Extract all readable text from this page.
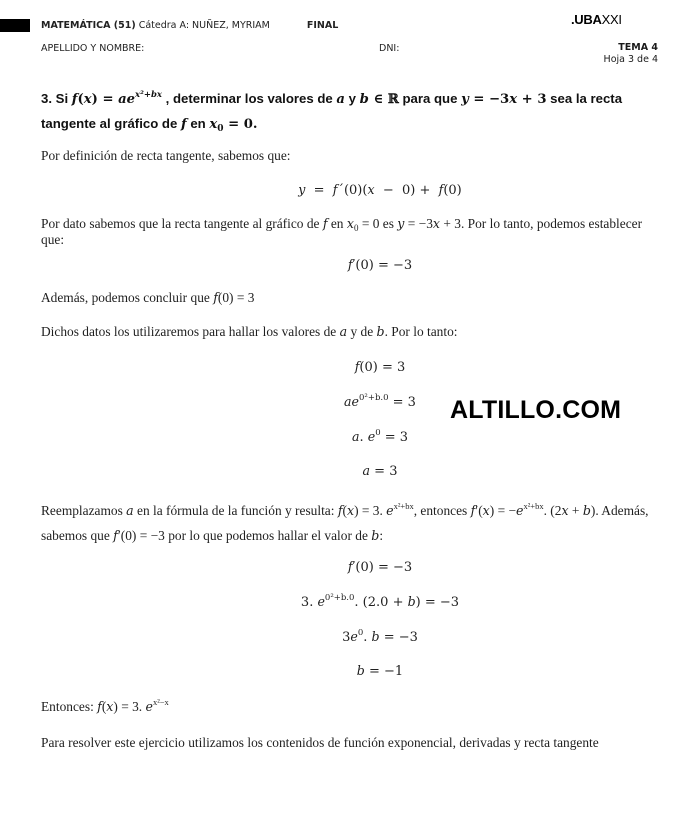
MATEMÁTICA (51) Cátedra A: NUÑEZ, MYRIAM	FINAL	.UBAXXI
APELLIDO Y NOMBRE:	DNI:	TEMA 4
Hoja 3 de 4
3. Si $f(x) = ae^{x^2+bx}$ , determinar los valores de a y b ∈ ℝ para que y = −3x + 3 sea la recta tangente al gráfico de f en $x_0 = 0$.
Por definición de recta tangente, sabemos que:
y  =  f´(0)(x  −  0) +  f(0)
Por dato sabemos que la recta tangente al gráfico de f en $x_0 = 0$ es y = −3x + 3. Por lo tanto, podemos establecer que:
f′(0) = −3
Además, podemos concluir que f(0) = 3
Dichos datos los utilizaremos para hallar los valores de a y de b. Por lo tanto:
f(0) = 3
$ae^{0^2+b.0} = 3$
a. $e^0 = 3$
a = 3
ALTILLO.COM
Reemplazamos a en la fórmula de la función y resulta: f(x) = 3. $e^{x^2+bx}$, entonces $f'(x) = -e^{x^2+bx}$. (2x + b). Además, sabemos que f′(0) = −3 por lo que podemos hallar el valor de b:
f′(0) = −3
3. $e^{0^2+b.0}$. (2.0 + b) = −3
$3e^0$. b = −3
b = −1
Entonces: f(x) = 3. $e^{x^2-x}$
Para resolver este ejercicio utilizamos los contenidos de función exponencial, derivadas y recta tangente
